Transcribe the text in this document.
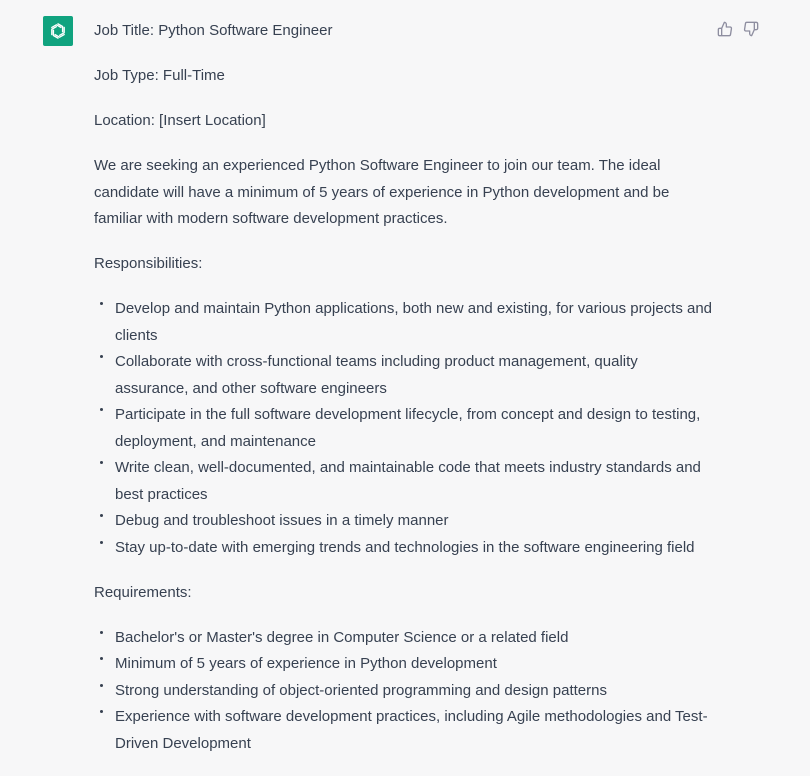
Job Title: Python Software Engineer

Job Type: Full-Time

Location: [Insert Location]

We are seeking an experienced Python Software Engineer to join our team. The ideal candidate will have a minimum of 5 years of experience in Python development and be familiar with modern software development practices.

Responsibilities:

Develop and maintain Python applications, both new and existing, for various projects and clients
Collaborate with cross-functional teams including product management, quality assurance, and other software engineers
Participate in the full software development lifecycle, from concept and design to testing, deployment, and maintenance
Write clean, well-documented, and maintainable code that meets industry standards and best practices
Debug and troubleshoot issues in a timely manner
Stay up-to-date with emerging trends and technologies in the software engineering field

Requirements:

Bachelor's or Master's degree in Computer Science or a related field
Minimum of 5 years of experience in Python development
Strong understanding of object-oriented programming and design patterns
Experience with software development practices, including Agile methodologies and Test-Driven Development
